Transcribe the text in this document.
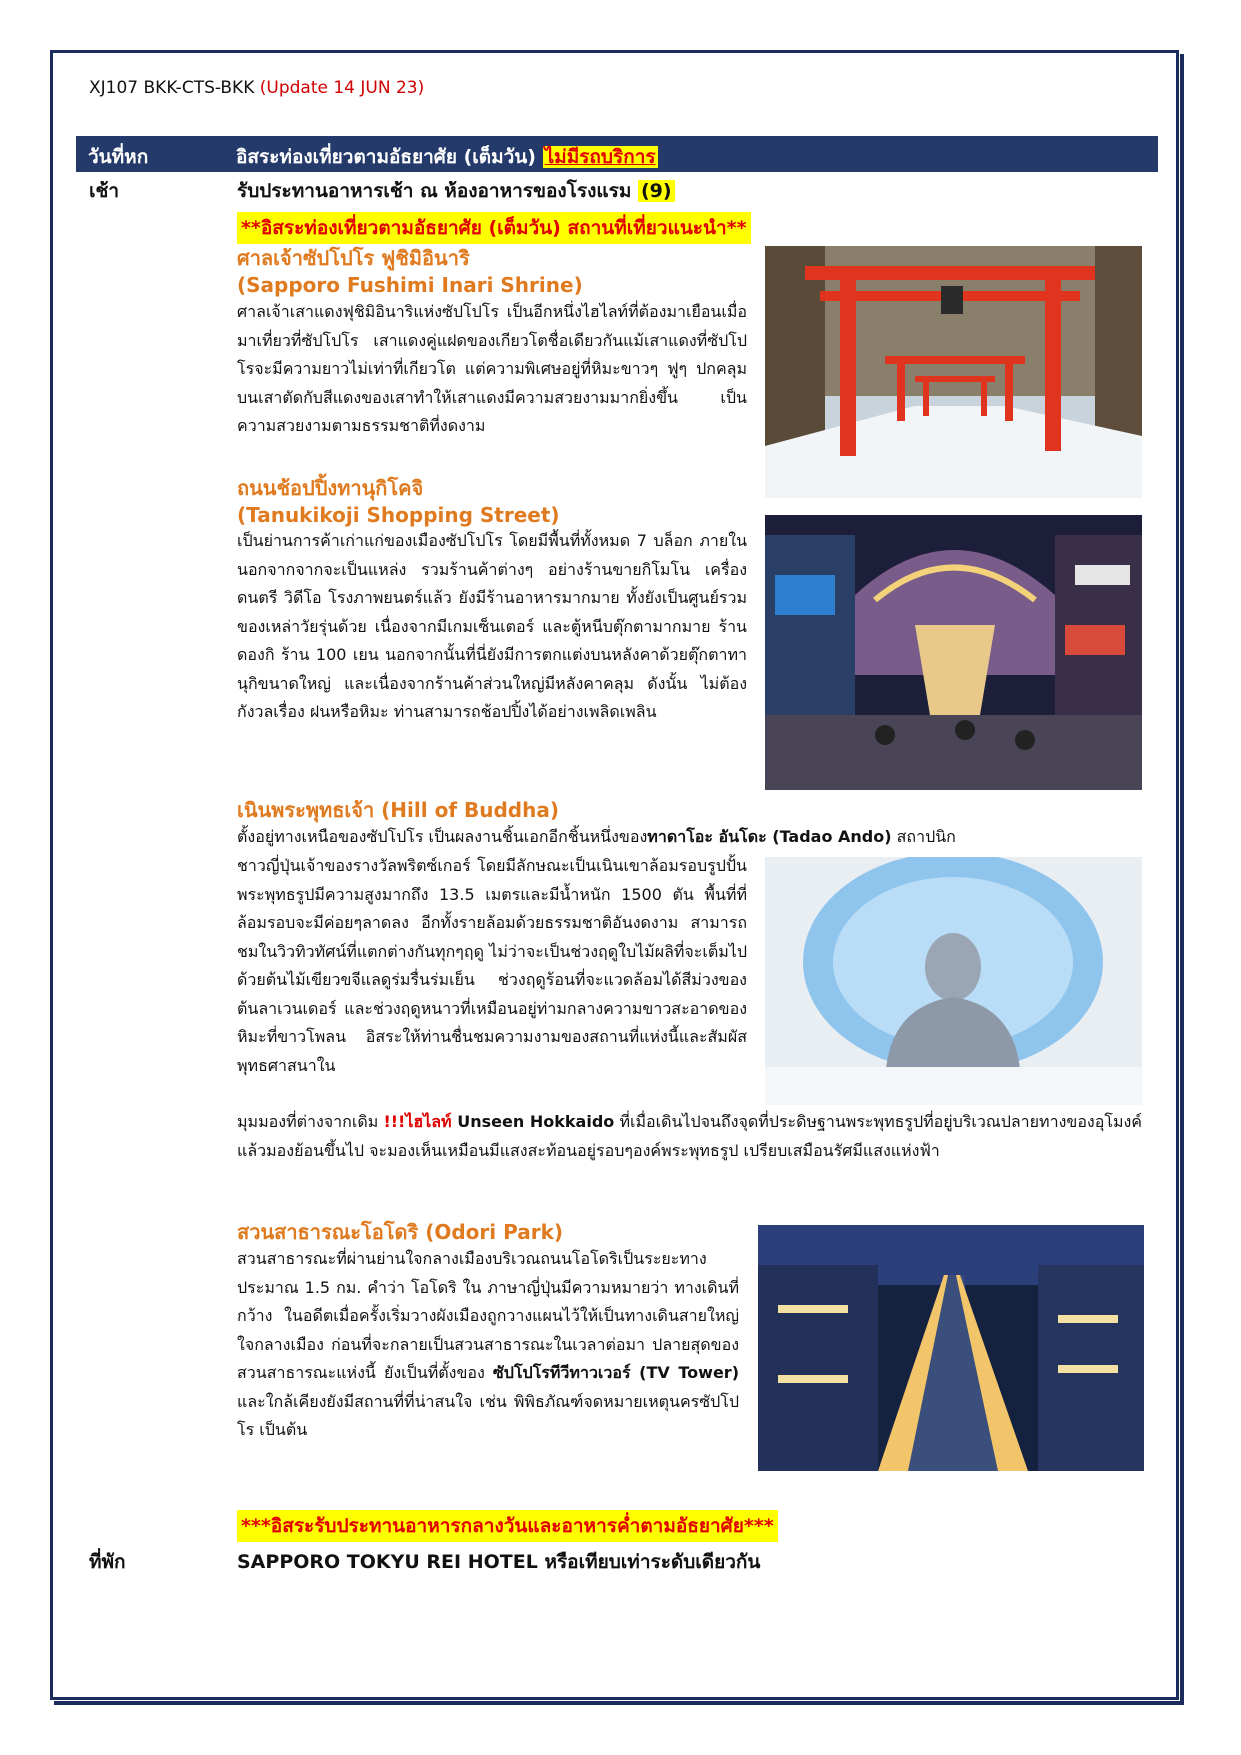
XJ107 BKK-CTS-BKK (Update 14 JUN 23)
วันที่หก	อิสระท่องเที่ยวตามอัธยาศัย (เต็มวัน) ไม่มีรถบริการ
เช้า	รับประทานอาหารเช้า ณ ห้องอาหารของโรงแรม (9)
**อิสระท่องเที่ยวตามอัธยาศัย (เต็มวัน) สถานที่เที่ยวแนะนำ**
ศาลเจ้าซัปโปโร ฟูชิมิอินาริ
(Sapporo Fushimi Inari Shrine)
ศาลเจ้าเสาแดงฟุชิมิอินาริแห่งซัปโปโร เป็นอีกหนึ่งไฮไลท์ที่ต้องมาเยือนเมื่อมาเที่ยวที่ซัปโปโร เสาแดงคู่แฝดของเกียวโตชื่อเดียวกันแม้เสาแดงที่ซัปโปโรจะมีความยาวไม่เท่าที่เกียวโต แต่ความพิเศษอยู่ที่หิมะขาวๆ ฟูๆ ปกคลุมบนเสาตัดกับสีแดงของเสาทำให้เสาแดงมีความสวยงามมากยิ่งขึ้น เป็นความสวยงามตามธรรมชาติที่งดงาม
ถนนช้อปปิ้งทานุกิโคจิ
(Tanukikoji Shopping Street)
เป็นย่านการค้าเก่าแก่ของเมืองซัปโปโร โดยมีพื้นที่ทั้งหมด 7 บล็อก ภายในนอกจากจากจะเป็นแหล่ง รวมร้านค้าต่างๆ อย่างร้านขายกิโมโน เครื่องดนตรี วิดีโอ โรงภาพยนตร์แล้ว ยังมีร้านอาหารมากมาย ทั้งยังเป็นศูนย์รวมของเหล่าวัยรุ่นด้วย เนื่องจากมีเกมเซ็นเตอร์ และตู้หนีบตุ๊กตามากมาย ร้านดองกิ ร้าน 100 เยน นอกจากนั้นที่นี่ยังมีการตกแต่งบนหลังคาด้วยตุ๊กตาทานุกิขนาดใหญ่ และเนื่องจากร้านค้าส่วนใหญ่มีหลังคาคลุม ดังนั้น ไม่ต้องกังวลเรื่อง ฝนหรือหิมะ ท่านสามารถช้อปปิ้งได้อย่างเพลิดเพลิน
เนินพระพุทธเจ้า (Hill of Buddha)
ตั้งอยู่ทางเหนือของซัปโปโร เป็นผลงานชิ้นเอกอีกชิ้นหนึ่งของทาดาโอะ อันโดะ (Tadao Ando) สถาปนิก
ชาวญี่ปุ่นเจ้าของรางวัลพริตซ์เกอร์ โดยมีลักษณะเป็นเนินเขาล้อมรอบรูปปั้นพระพุทธรูปมีความสูงมากถึง 13.5 เมตรและมีน้ำหนัก 1500 ตัน พื้นที่ที่ล้อมรอบจะมีค่อยๆลาดลง อีกทั้งรายล้อมด้วยธรรมชาติอันงดงาม สามารถชมในวิวทิวทัศน์ที่แตกต่างกันทุกๆฤดู ไม่ว่าจะเป็นช่วงฤดูใบไม้ผลิที่จะเต็มไปด้วยต้นไม้เขียวขจีแลดูร่มรื่นร่มเย็น ช่วงฤดูร้อนที่จะแวดล้อมได้สีม่วงของต้นลาเวนเดอร์ และช่วงฤดูหนาวที่เหมือนอยู่ท่ามกลางความขาวสะอาดของหิมะที่ขาวโพลน อิสระให้ท่านชื่นชมความงามของสถานที่แห่งนี้และสัมผัสพุทธศาสนาใน
มุมมองที่ต่างจากเดิม !!!ไฮไลท์ Unseen Hokkaido ที่เมื่อเดินไปจนถึงจุดที่ประดิษฐานพระพุทธรูปที่อยู่บริเวณปลายทางของอุโมงค์แล้วมองย้อนขึ้นไป จะมองเห็นเหมือนมีแสงสะท้อนอยู่รอบๆองค์พระพุทธรูป เปรียบเสมือนรัศมีแสงแห่งฟ้า
สวนสาธารณะโอโดริ (Odori Park)
สวนสาธารณะที่ผ่านย่านใจกลางเมืองบริเวณถนนโอโดริเป็นระยะทางประมาณ 1.5 กม. คำว่า โอโดริ ใน ภาษาญี่ปุ่นมีความหมายว่า ทางเดินที่กว้าง ในอดีตเมื่อครั้งเริ่มวางผังเมืองถูกวางแผนไว้ให้เป็นทางเดินสายใหญ่ใจกลางเมือง ก่อนที่จะกลายเป็นสวนสาธารณะในเวลาต่อมา ปลายสุดของสวนสาธารณะแห่งนี้ ยังเป็นที่ตั้งของ ซัปโปโรทีวีทาวเวอร์ (TV Tower) และใกล้เคียงยังมีสถานที่ที่น่าสนใจ เช่น พิพิธภัณฑ์จดหมายเหตุนครซัปโปโร เป็นต้น
***อิสระรับประทานอาหารกลางวันและอาหารค่ำตามอัธยาศัย***
ที่พัก	SAPPORO TOKYU REI HOTEL หรือเทียบเท่าระดับเดียวกัน
